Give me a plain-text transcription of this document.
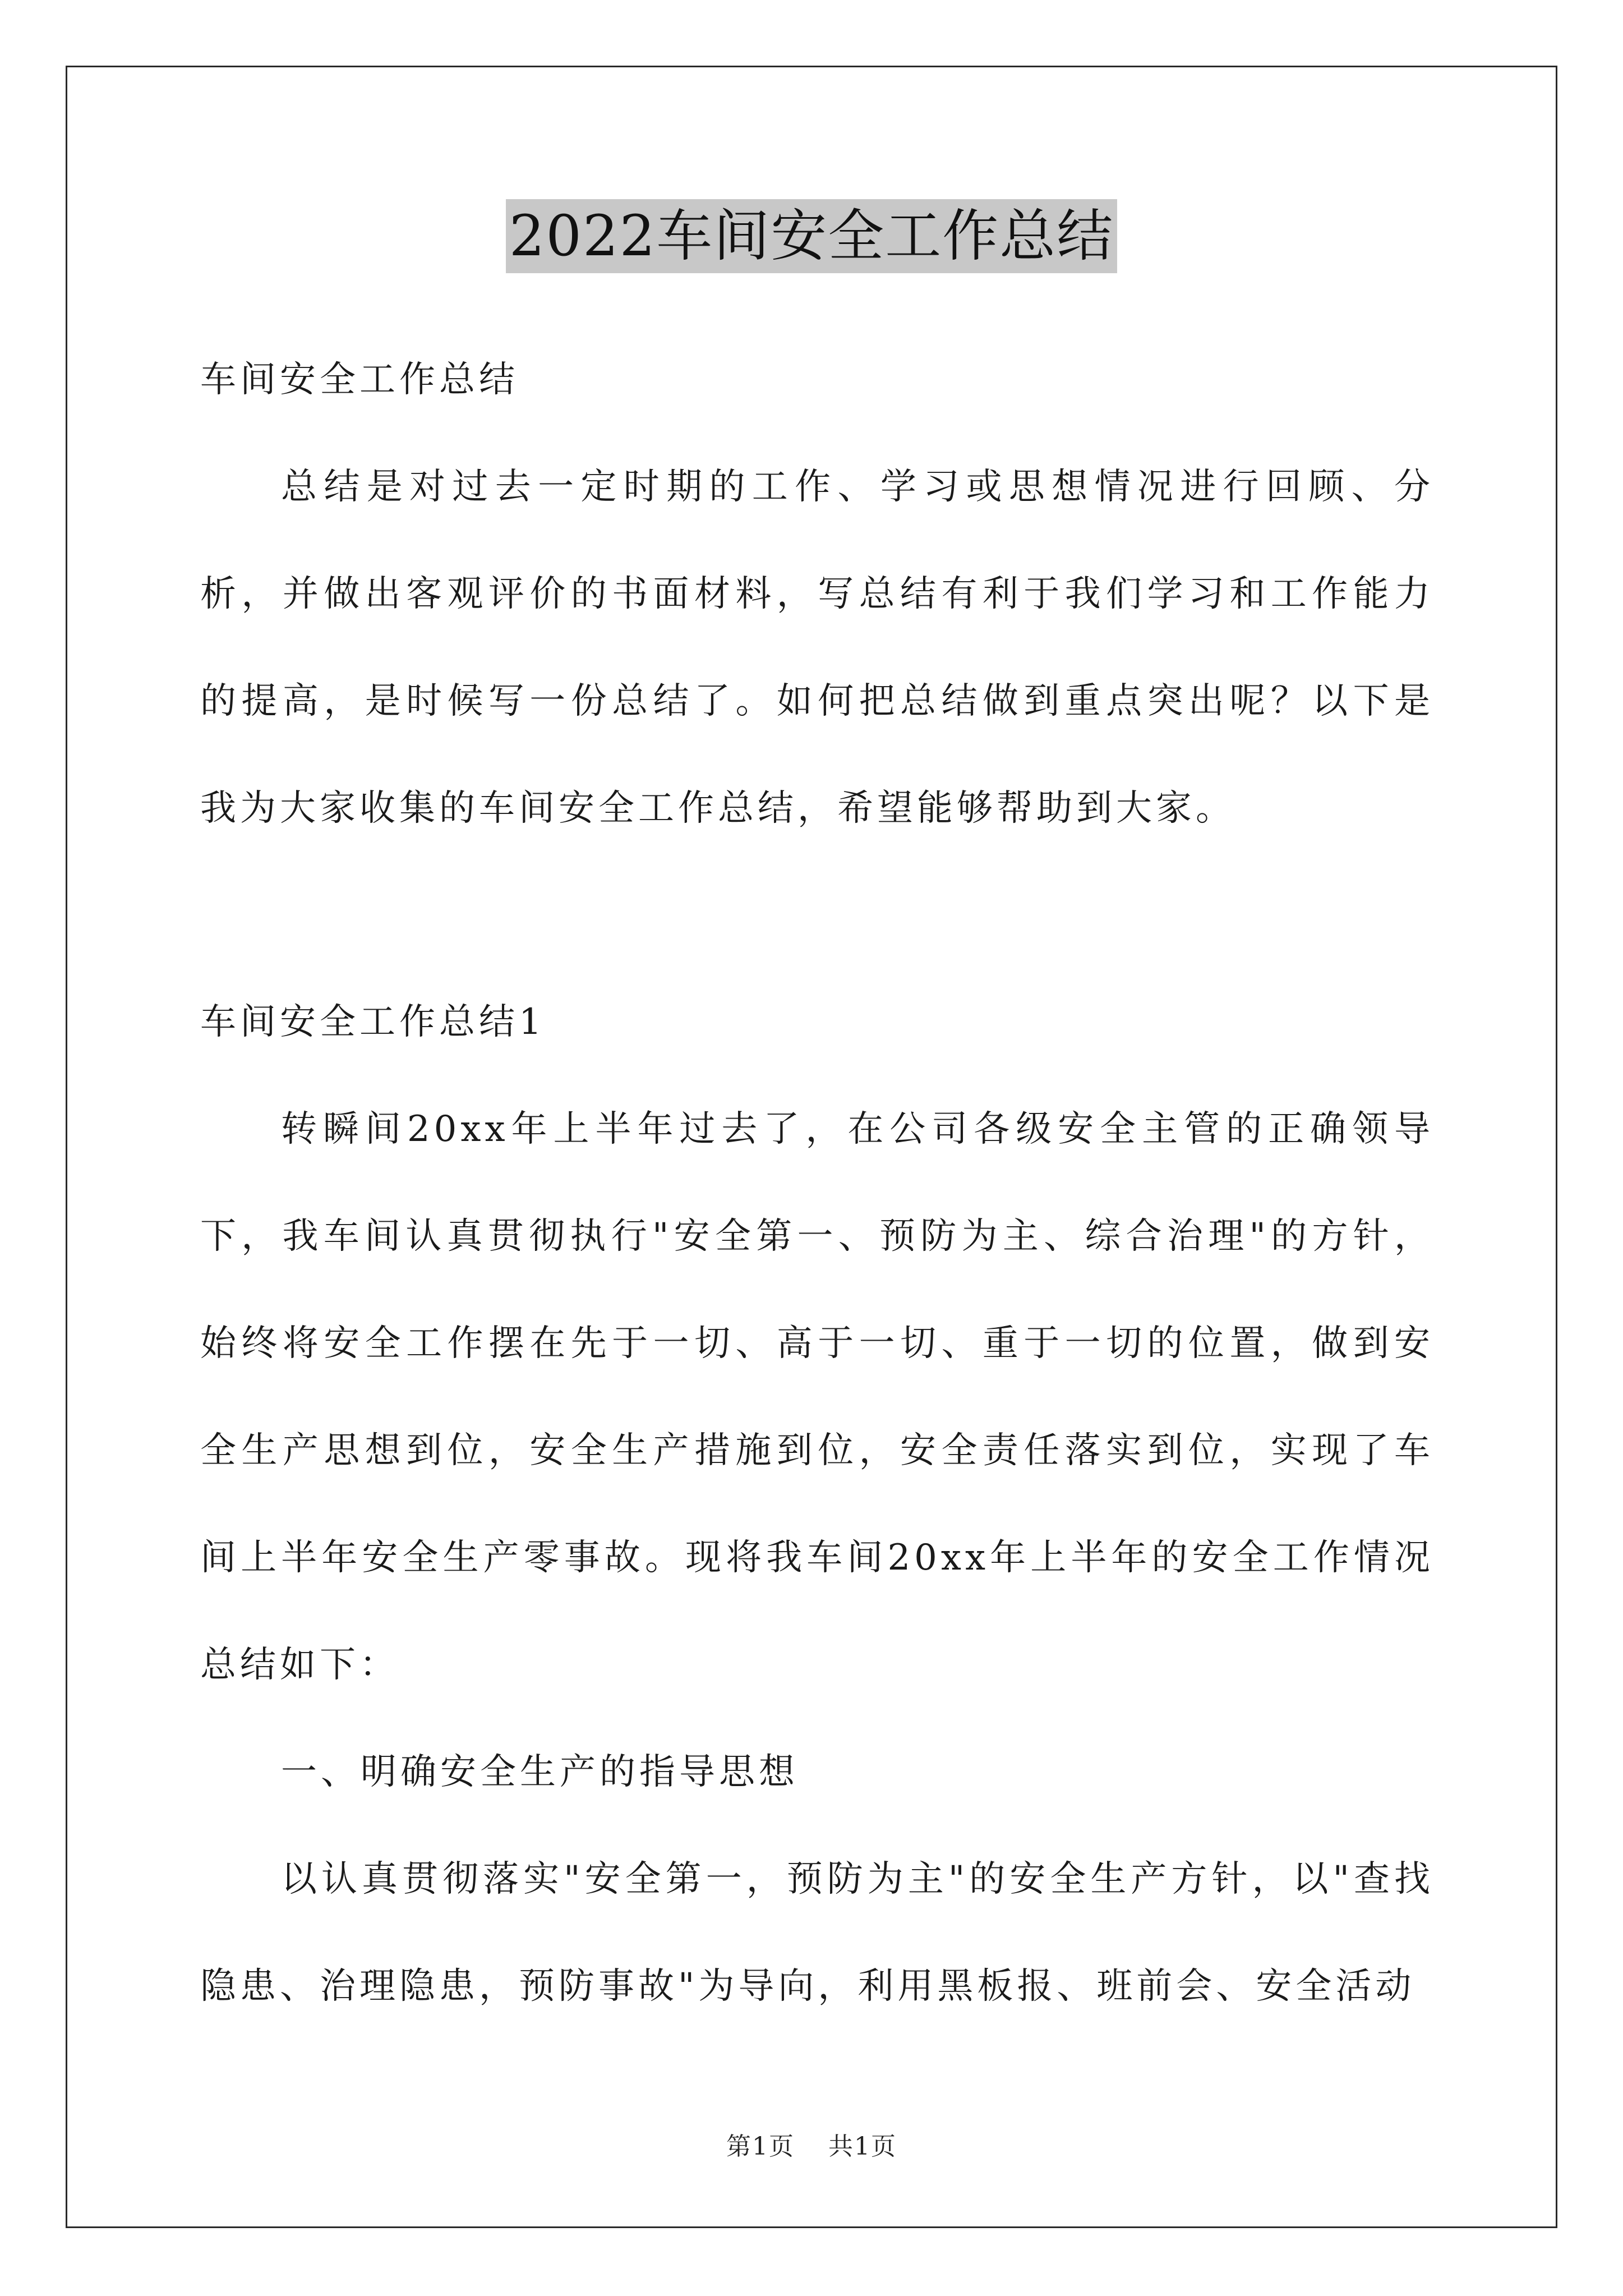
2022车间安全工作总结

车间安全工作总结

总结是对过去一定时期的工作、学习或思想情况进行回顾、分析，并做出客观评价的书面材料，写总结有利于我们学习和工作能力的提高，是时候写一份总结了。如何把总结做到重点突出呢？以下是我为大家收集的车间安全工作总结，希望能够帮助到大家。

车间安全工作总结1

转瞬间20xx年上半年过去了，在公司各级安全主管的正确领导下，我车间认真贯彻执行"安全第一、预防为主、综合治理"的方针，始终将安全工作摆在先于一切、高于一切、重于一切的位置，做到安全生产思想到位，安全生产措施到位，安全责任落实到位，实现了车间上半年安全生产零事故。现将我车间20xx年上半年的安全工作情况总结如下：

一、明确安全生产的指导思想

以认真贯彻落实"安全第一，预防为主"的安全生产方针，以"查找隐患、治理隐患，预防事故"为导向，利用黑板报、班前会、安全活动

第1页 共1页
